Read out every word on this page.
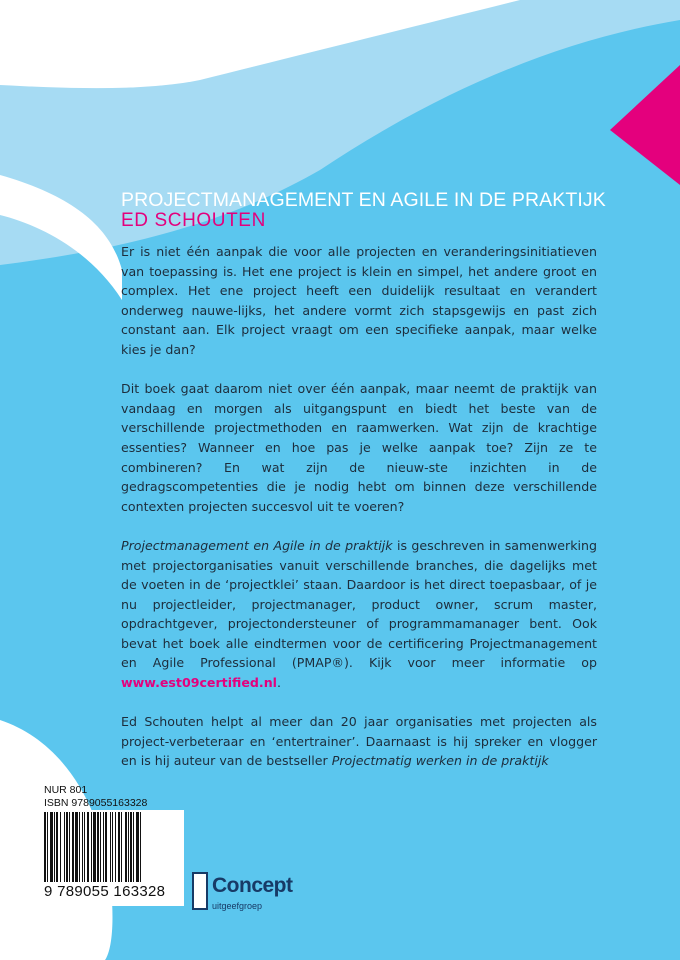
PROJECTMANAGEMENT EN AGILE IN DE PRAKTIJK
ED SCHOUTEN

Er is niet één aanpak die voor alle projecten en veranderingsinitiatieven van toepassing is. Het ene project is klein en simpel, het andere groot en complex. Het ene project heeft een duidelijk resultaat en verandert onderweg nauwe-lijks, het andere vormt zich stapsgewijs en past zich constant aan. Elk project vraagt om een specifieke aanpak, maar welke kies je dan?

Dit boek gaat daarom niet over één aanpak, maar neemt de praktijk van vandaag en morgen als uitgangspunt en biedt het beste van de verschillende projectmethoden en raamwerken. Wat zijn de krachtige essenties? Wanneer en hoe pas je welke aanpak toe? Zijn ze te combineren? En wat zijn de nieuw-ste inzichten in de gedragscompetenties die je nodig hebt om binnen deze verschillende contexten projecten succesvol uit te voeren?

Projectmanagement en Agile in de praktijk is geschreven in samenwerking met projectorganisaties vanuit verschillende branches, die dagelijks met de voeten in de ‘projectklei’ staan. Daardoor is het direct toepasbaar, of je nu projectleider, projectmanager, product owner, scrum master, opdrachtgever, projectondersteuner of programmamanager bent. Ook bevat het boek alle eindtermen voor de certificering Projectmanagement en Agile Professional (PMAP®). Kijk voor meer informatie op www.est09certified.nl.

Ed Schouten helpt al meer dan 20 jaar organisaties met projecten als project-verbeteraar en ‘entertrainer’. Daarnaast is hij spreker en vlogger en is hij auteur van de bestseller Projectmatig werken in de praktijk

NUR 801
ISBN 9789055163328
9 789055 163328	Concept
uitgeefgroep
